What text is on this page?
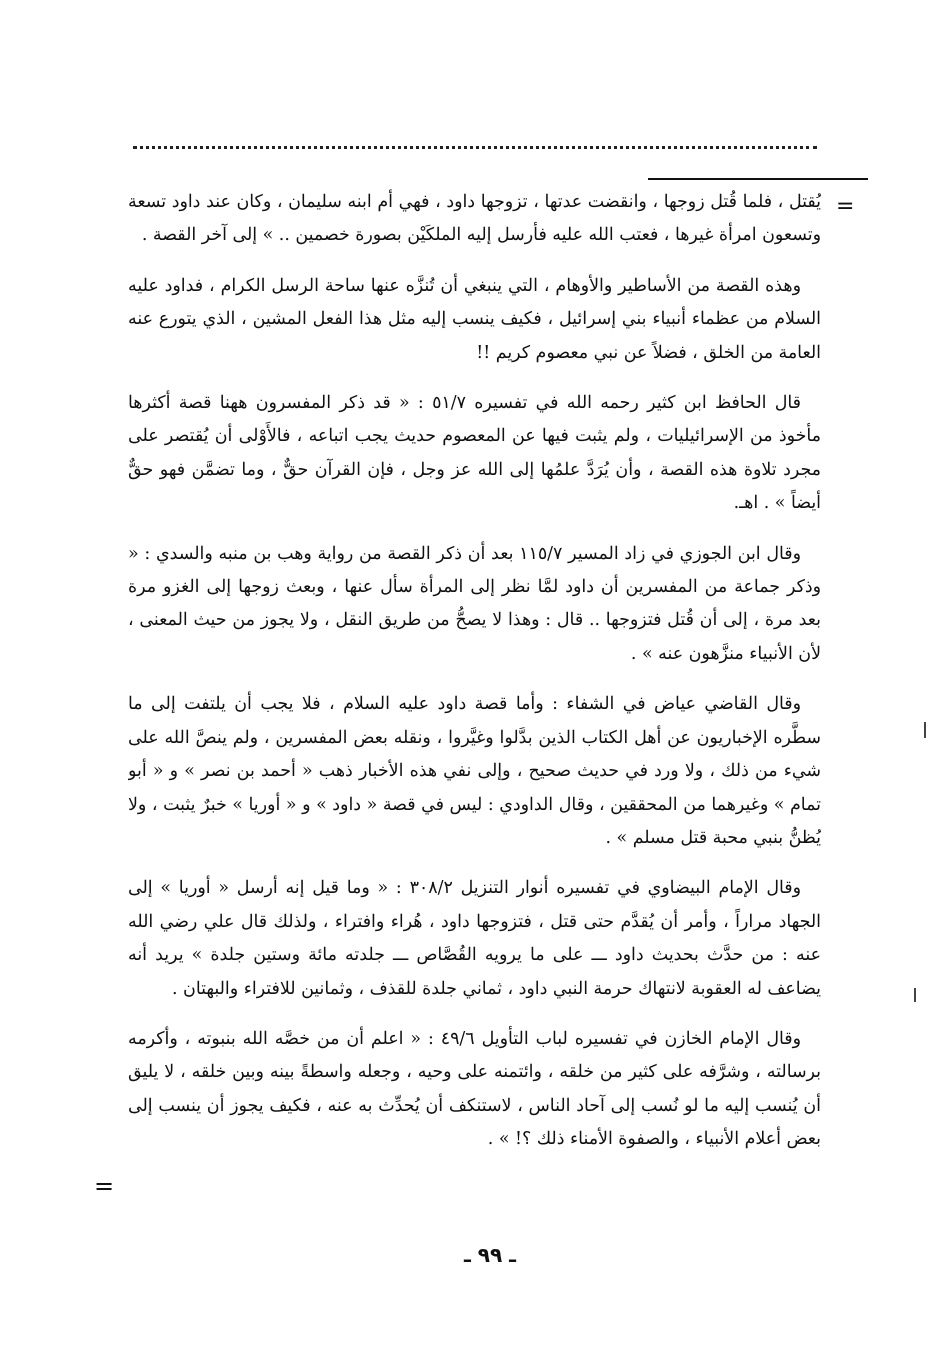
=

يُقتل ، فلما قُتل زوجها ، وانقضت عدتها ، تزوجها داود ، فهي أم ابنه سليمان ، وكان عند داود تسعة وتسعون امرأة غيرها ، فعتب الله عليه فأرسل إليه الملكَيْن بصورة خصمين .. » إلى آخر القصة .

وهذه القصة من الأساطير والأوهام ، التي ينبغي أن تُنزَّه عنها ساحة الرسل الكرام ، فداود عليه السلام من عظماء أنبياء بني إسرائيل ، فكيف ينسب إليه مثل هذا الفعل المشين ، الذي يتورع عنه العامة من الخلق ، فضلاً عن نبي معصوم كريم !!

قال الحافظ ابن كثير رحمه الله في تفسيره ٥١/٧ : « قد ذكر المفسرون ههنا قصة أكثرها مأخوذ من الإسرائيليات ، ولم يثبت فيها عن المعصوم حديث يجب اتباعه ، فالأَوْلى أن يُقتصر على مجرد تلاوة هذه القصة ، وأن يُرَدَّ علمُها إلى الله عز وجل ، فإن القرآن حقٌّ ، وما تضمَّن فهو حقٌّ أيضاً » . اهـ.

وقال ابن الجوزي في زاد المسير ١١٥/٧ بعد أن ذكر القصة من رواية وهب بن منبه والسدي : « وذكر جماعة من المفسرين أن داود لمَّا نظر إلى المرأة سأل عنها ، وبعث زوجها إلى الغزو مرة بعد مرة ، إلى أن قُتل فتزوجها .. قال : وهذا لا يصحُّ من طريق النقل ، ولا يجوز من حيث المعنى ، لأن الأنبياء منزَّهون عنه » .

وقال القاضي عياض في الشفاء : وأما قصة داود عليه السلام ، فلا يجب أن يلتفت إلى ما سطَّره الإخباريون عن أهل الكتاب الذين بدَّلوا وغيَّروا ، ونقله بعض المفسرين ، ولم ينصَّ الله على شيء من ذلك ، ولا ورد في حديث صحيح ، وإلى نفي هذه الأخبار ذهب « أحمد بن نصر » و « أبو تمام » وغيرهما من المحققين ، وقال الداودي : ليس في قصة « داود » و « أوريا » خبرٌ يثبت ، ولا يُظنُّ بنبي محبة قتل مسلم » .

وقال الإمام البيضاوي في تفسيره أنوار التنزيل ٣٠٨/٢ : « وما قيل إنه أرسل « أوريا » إلى الجهاد مراراً ، وأمر أن يُقدَّم حتى قتل ، فتزوجها داود ، هُراء وافتراء ، ولذلك قال علي رضي الله عنه : من حدَّث بحديث داود ـــ على ما يرويه القُصَّاص ـــ جلدته مائة وستين جلدة » يريد أنه يضاعف له العقوبة لانتهاك حرمة النبي داود ، ثماني جلدة للقذف ، وثمانين للافتراء والبهتان .

وقال الإمام الخازن في تفسيره لباب التأويل ٤٩/٦ : « اعلم أن من خصَّه الله بنبوته ، وأكرمه برسالته ، وشرَّفه على كثير من خلقه ، وائتمنه على وحيه ، وجعله واسطةً بينه وبين خلقه ، لا يليق أن يُنسب إليه ما لو نُسب إلى آحاد الناس ، لاستنكف أن يُحدِّث به عنه ، فكيف يجوز أن ينسب إلى بعض أعلام الأنبياء ، والصفوة الأمناء ذلك ؟! » .

=
ـ ٩٩ ـ
